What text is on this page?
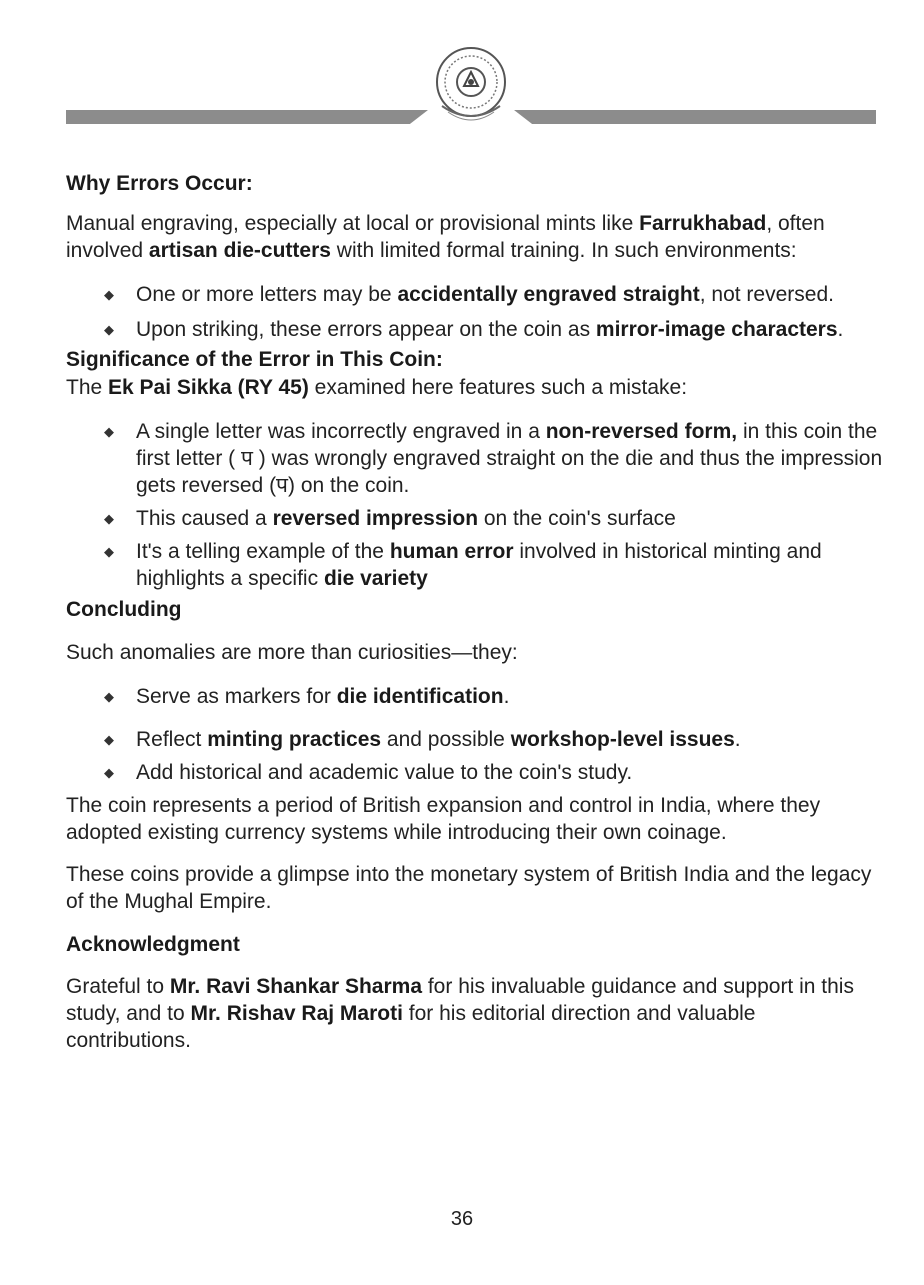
Why Errors Occur:

Manual engraving, especially at local or provisional mints like Farrukhabad, often involved artisan die-cutters with limited formal training. In such environments:

◆ One or more letters may be accidentally engraved straight, not reversed.
◆ Upon striking, these errors appear on the coin as mirror-image characters.
Significance of the Error in This Coin:

The Ek Pai Sikka (RY 45) examined here features such a mistake:

◆ A single letter was incorrectly engraved in a non-reversed form, in this coin the first letter ( प ) was wrongly engraved straight on the die and thus the impression gets reversed (प) on the coin.
◆ This caused a reversed impression on the coin's surface
◆ It's a telling example of the human error involved in historical minting and highlights a specific die variety
Concluding

Such anomalies are more than curiosities—they:

◆ Serve as markers for die identification.
◆ Reflect minting practices and possible workshop-level issues.
◆ Add historical and academic value to the coin's study.

The coin represents a period of British expansion and control in India, where they adopted existing currency systems while introducing their own coinage.

These coins provide a glimpse into the monetary system of British India and the legacy of the Mughal Empire.

Acknowledgment

Grateful to Mr. Ravi Shankar Sharma for his invaluable guidance and support in this study, and to Mr. Rishav Raj Maroti for his editorial direction and valuable contributions.

36
